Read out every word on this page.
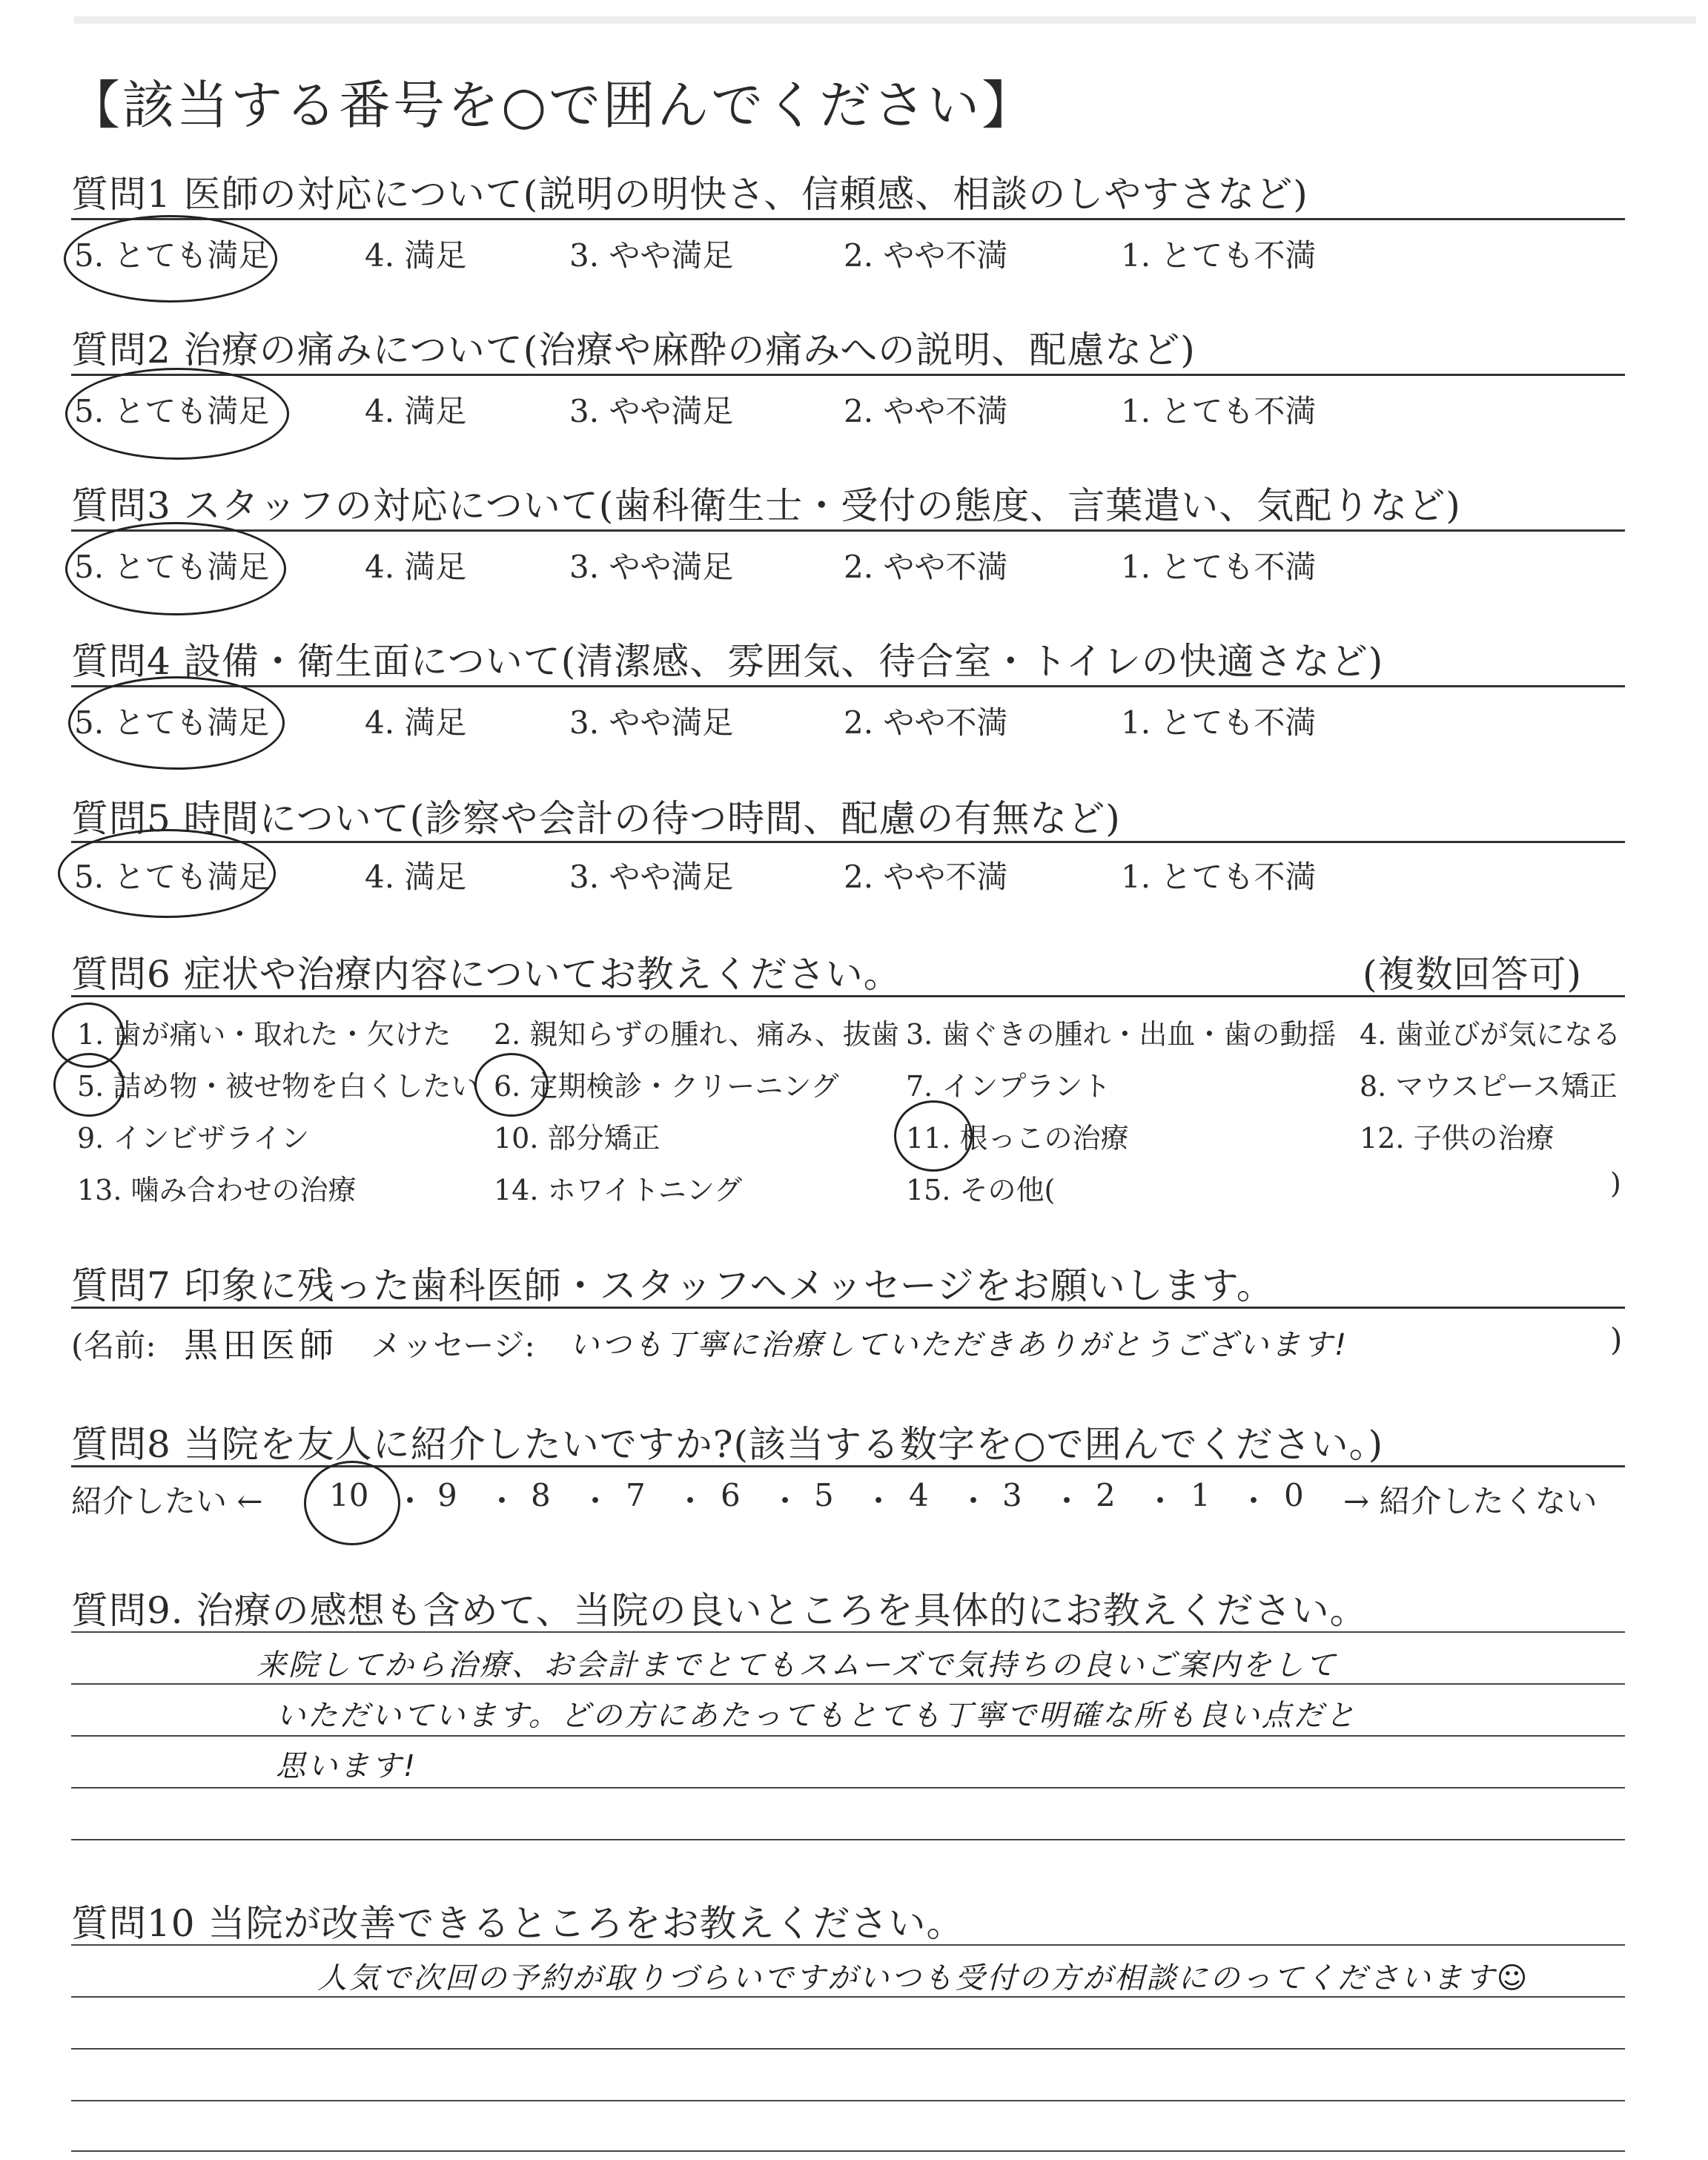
【該当する番号を○で囲んでください】
質問1 医師の対応について(説明の明快さ、信頼感、相談のしやすさなど)
5. とても満足	4. 満足	3. やや満足	2. やや不満	1. とても不満
質問2 治療の痛みについて(治療や麻酔の痛みへの説明、配慮など)
5. とても満足	4. 満足	3. やや満足	2. やや不満	1. とても不満
質問3 スタッフの対応について(歯科衛生士・受付の態度、言葉遣い、気配りなど)
5. とても満足	4. 満足	3. やや満足	2. やや不満	1. とても不満
質問4 設備・衛生面について(清潔感、雰囲気、待合室・トイレの快適さなど)
5. とても満足	4. 満足	3. やや満足	2. やや不満	1. とても不満
質問5 時間について(診察や会計の待つ時間、配慮の有無など)
5. とても満足	4. 満足	3. やや満足	2. やや不満	1. とても不満
質問6 症状や治療内容についてお教えください。	(複数回答可)
1. 歯が痛い・取れた・欠けた 2. 親知らずの腫れ、痛み、抜歯 3. 歯ぐきの腫れ・出血・歯の動揺 4. 歯並びが気になる
5. 詰め物・被せ物を白くしたい 6. 定期検診・クリーニング 7. インプラント	8. マウスピース矯正
9. インビザライン	10. 部分矯正	11. 根っこの治療	12. 子供の治療
13. 噛み合わせの治療	14. ホワイトニング	15. その他(	)
質問7 印象に残った歯科医師・スタッフへメッセージをお願いします。
(名前: 黒田医師 メッセージ: いつも丁寧に治療していただきありがとうございます!	)
質問8 当院を友人に紹介したいですか?(該当する数字を○で囲んでください。)
紹介したい ← 10 ・ 9 ・ 8 ・ 7 ・ 6 ・ 5 ・ 4 ・ 3 ・ 2 ・ 1 ・ 0 → 紹介したくない
質問9. 治療の感想も含めて、当院の良いところを具体的にお教えください。
来院してから治療、お会計までとてもスムーズで気持ちの良いご案内をして
いただいています。どの方にあたってもとても丁寧で明確な所も良い点だと
思います!
質問10 当院が改善できるところをお教えください。
人気で次回の予約が取りづらいですがいつも受付の方が相談にのってくださいます☺
